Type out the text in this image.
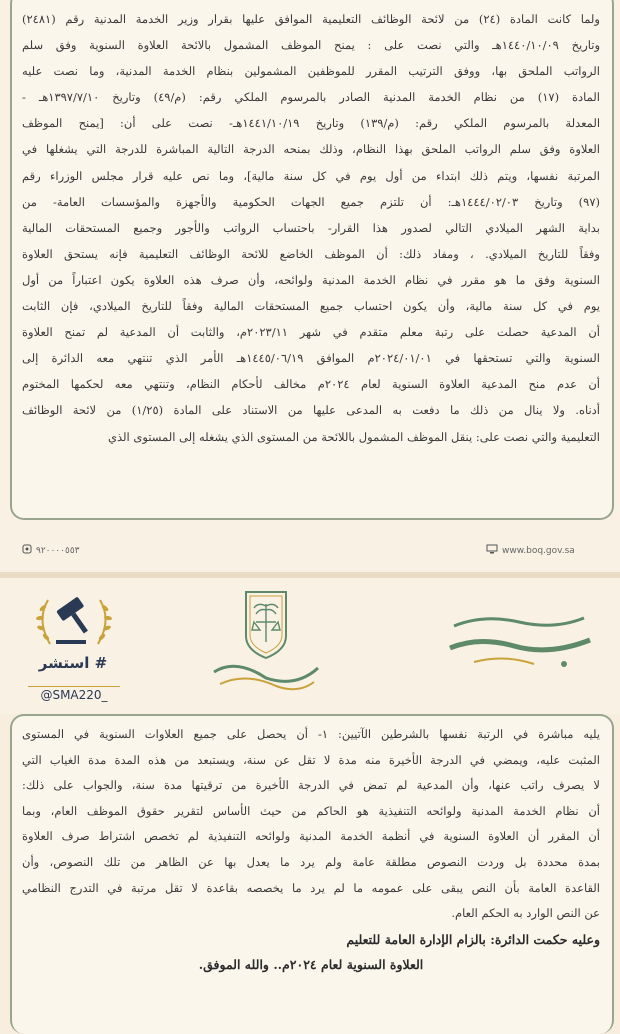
ولما كانت المادة (٢٤) من لائحة الوظائف التعليمية الموافق عليها بقرار وزير الخدمة المدنية رقم (٢٤٨١)
وتاريخ ١٤٤٠/١٠/٠٩هـ والتي نصت على : يمنح الموظف المشمول بالائحة العلاوة السنوية وفق سلم
الرواتب الملحق بها، ووفق الترتيب المقرر للموظفين المشمولين بنظام الخدمة المدنية، وما نصت عليه
المادة (١٧) من نظام الخدمة المدنية الصادر بالمرسوم الملكي رقم: (م/٤٩) وتاريخ ١٣٩٧/٧/١٠هـ -
المعدلة بالمرسوم الملكي رقم: (م/١٣٩) وتاريخ ١٤٤١/١٠/١٩هـ- نصت على أن: [يمنح الموظف
العلاوة وفق سلم الرواتب الملحق بهذا النظام، وذلك بمنحه الدرجة التالية المباشرة للدرجة التي يشغلها في
المرتبة نفسها، ويتم ذلك ابتداء من أول يوم في كل سنة مالية]، وما نص عليه قرار مجلس الوزراء رقم
(٩٧) وتاريخ ١٤٤٤/٠٢/٠٣هـ: أن تلتزم جميع الجهات الحكومية والأجهزة والمؤسسات العامة- من
بداية الشهر الميلادي التالي لصدور هذا القرار- باحتساب الرواتب والأجور وجميع المستحقات المالية
وفقاً للتاريخ الميلادي. ، ومفاد ذلك: أن الموظف الخاضع للائحة الوظائف التعليمية فإنه يستحق العلاوة
السنوية وفق ما هو مقرر في نظام الخدمة المدنية ولوائحه، وأن صرف هذه العلاوة يكون اعتباراً من أول
يوم في كل سنة مالية، وأن يكون احتساب جميع المستحقات المالية وفقاً للتاريخ الميلادي، فإن الثابت
أن المدعية حصلت على رتبة معلم متقدم في شهر ٢٠٢٣/١١م، والثابت أن المدعية لم تمنح العلاوة
السنوية والتي تستحقها في ٢٠٢٤/٠١/٠١م الموافق ١٤٤٥/٠٦/١٩هـ الأمر الذي تنتهي معه الدائرة إلى
أن عدم منح المدعية العلاوة السنوية لعام ٢٠٢٤م مخالف لأحكام النظام، وتنتهي معه لحكمها المختوم
أدناه. ولا ينال من ذلك ما دفعت به المدعى عليها من الاستناد على المادة (١/٢٥) من لائحة الوظائف
التعليمية والتي نصت على: ينقل الموظف المشمول باللائحة من المستوى الذي يشغله إلى المستوى الذي
www.boq.gov.sa
٩٢٠٠٠٠٥٥٣
# استشر
@SMA220_
يليه مباشرة في الرتبة نفسها بالشرطين الآتيين: ١- أن يحصل على جميع العلاوات السنوية في المستوى
المثبت عليه، ويمضي في الدرجة الأخيرة منه مدة لا تقل عن سنة، ويستبعد من هذه المدة مدة الغياب التي
لا يصرف راتب عنها، وأن المدعية لم تمض في الدرجة الأخيرة من ترقيتها مدة سنة، والجواب على ذلك:
أن نظام الخدمة المدنية ولوائحه التنفيذية هو الحاكم من حيث الأساس لتقرير حقوق الموظف العام، وبما
أن المقرر أن العلاوة السنوية في أنظمة الخدمة المدنية ولوائحه التنفيذية لم تخصص اشتراط صرف العلاوة
بمدة محددة بل وردت النصوص مطلقة عامة ولم يرد ما يعدل بها عن الظاهر من تلك النصوص، وأن
القاعدة العامة بأن النص يبقى على عمومه ما لم يرد ما يخصصه بقاعدة لا تقل مرتبة في التدرج النظامي
عن النص الوارد به الحكم العام.
وعليه حكمت الدائرة: بالزام الإدارة العامة للتعليم
العلاوة السنوية لعام ٢٠٢٤م.. والله الموفق.
